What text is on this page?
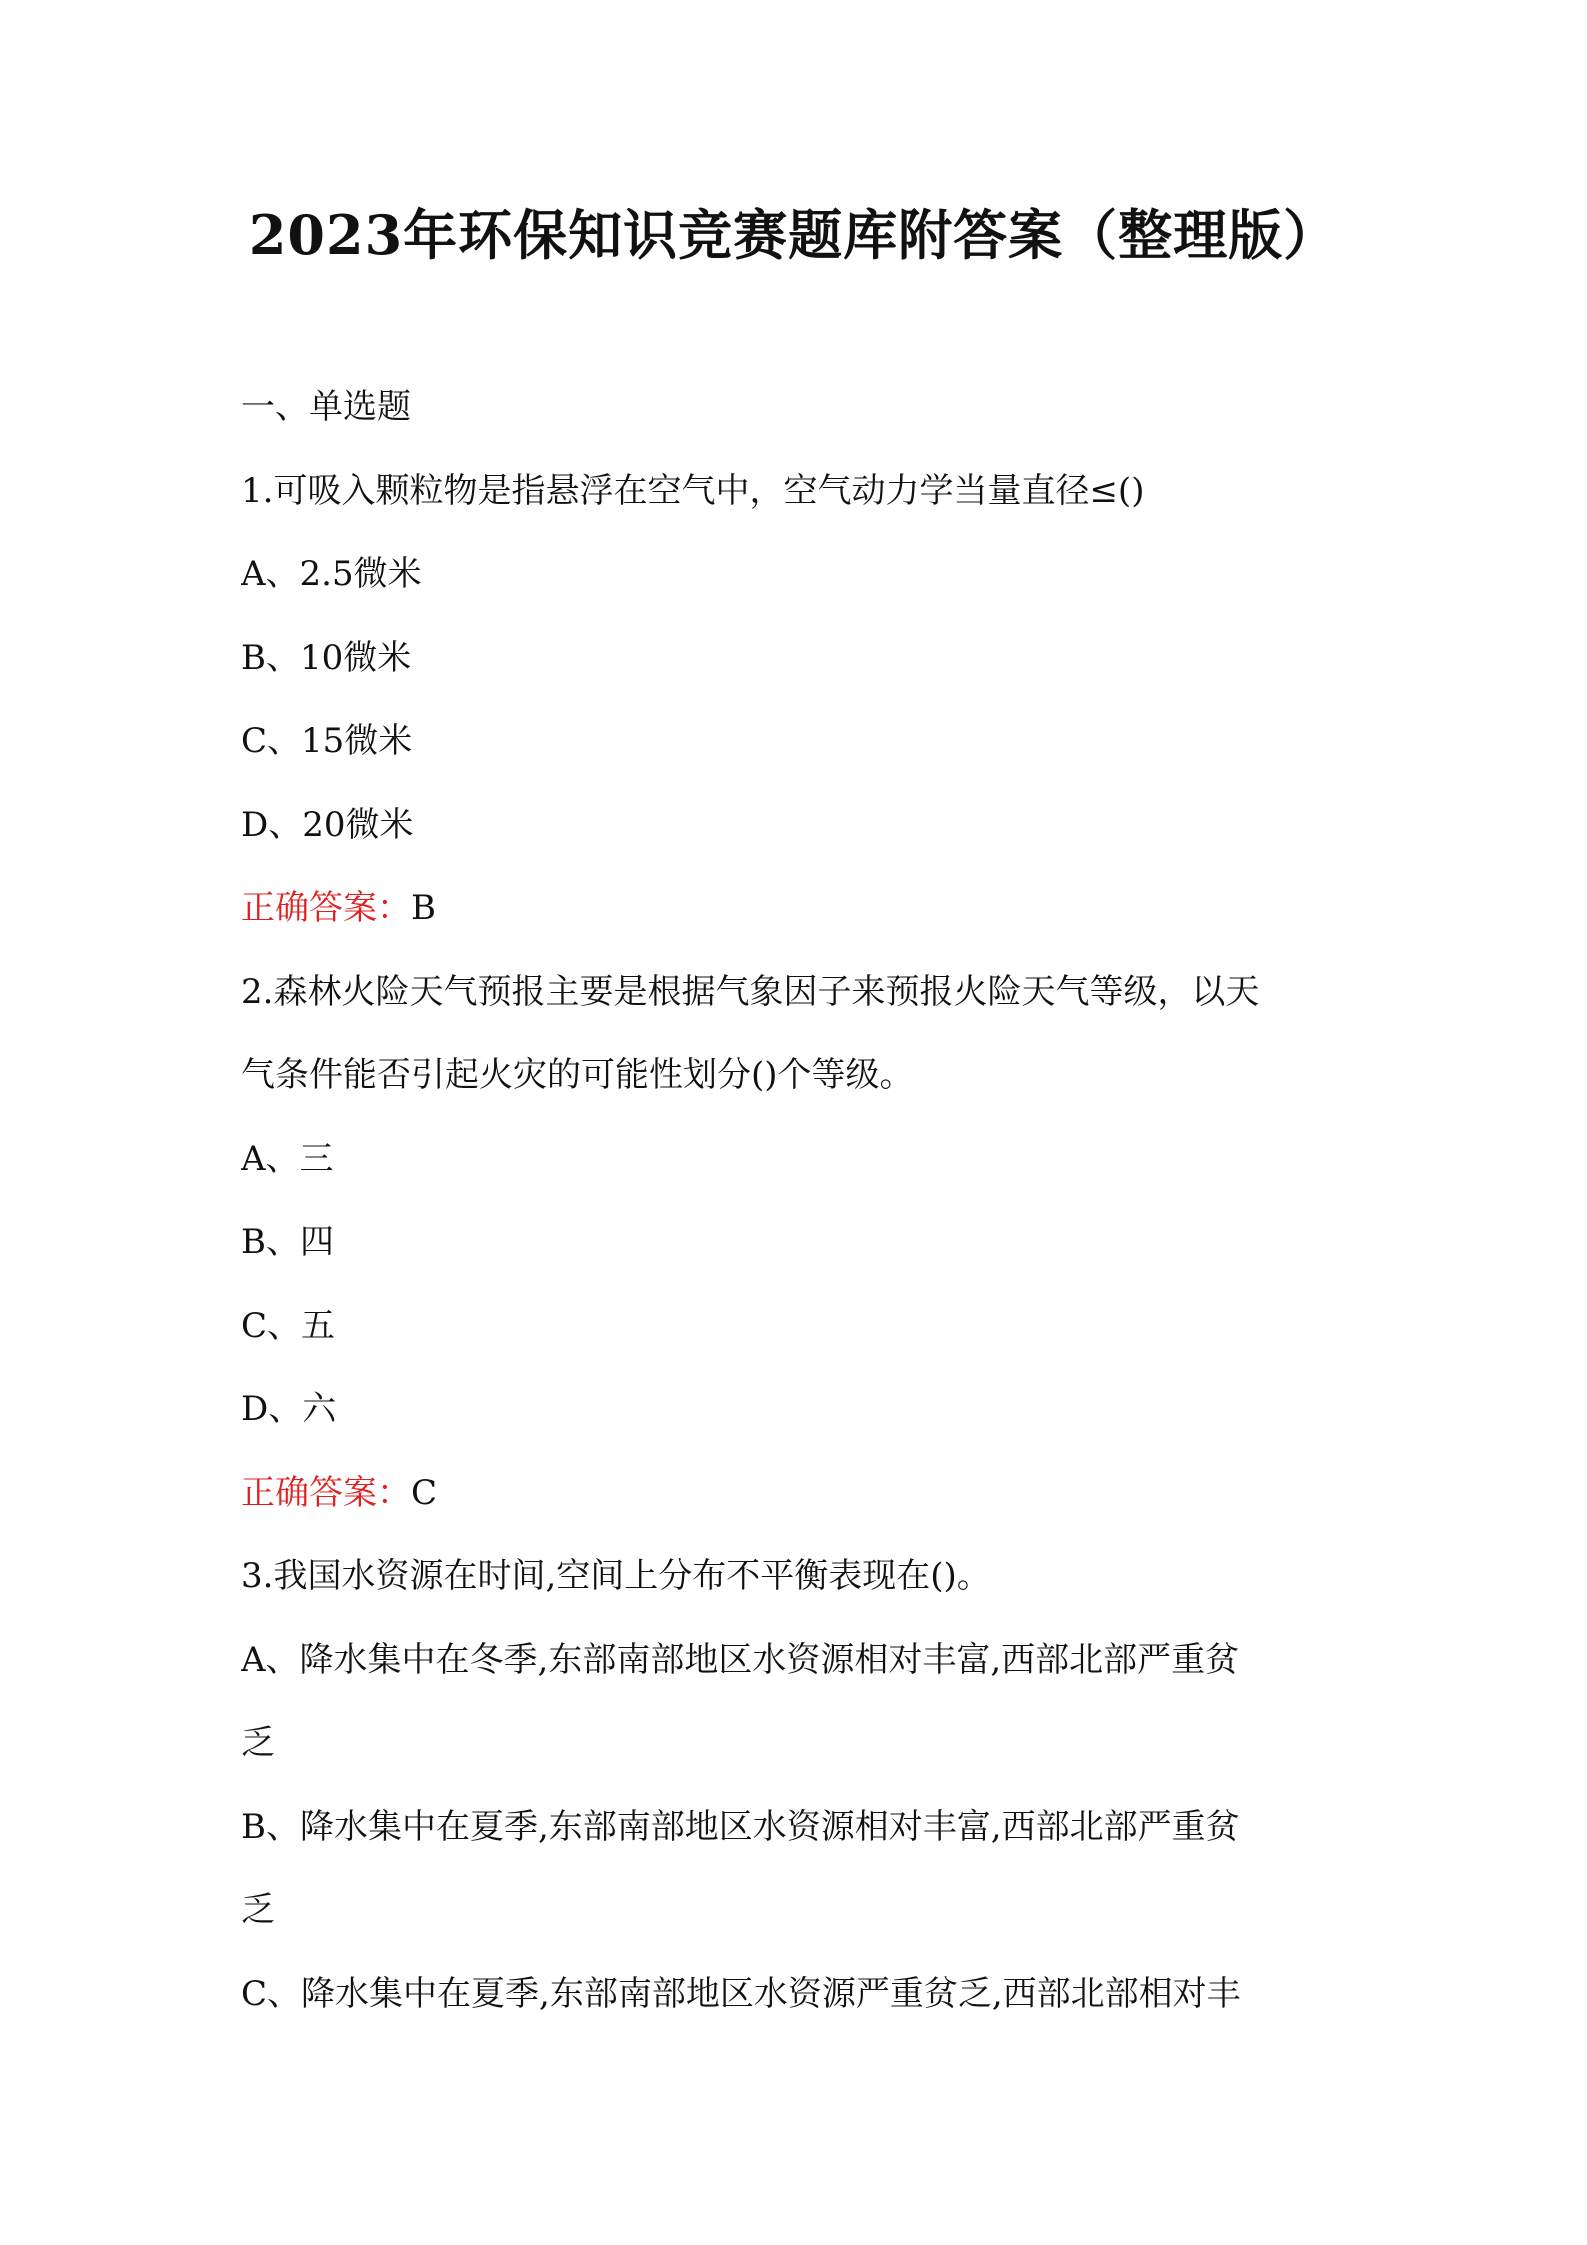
2023年环保知识竞赛题库附答案（整理版）
一、单选题
1.可吸入颗粒物是指悬浮在空气中，空气动力学当量直径≤()
A、2.5微米
B、10微米
C、15微米
D、20微米
正确答案：B
2.森林火险天气预报主要是根据气象因子来预报火险天气等级，以天
气条件能否引起火灾的可能性划分()个等级。
A、三
B、四
C、五
D、六
正确答案：C
3.我国水资源在时间,空间上分布不平衡表现在()。
A、降水集中在冬季,东部南部地区水资源相对丰富,西部北部严重贫
乏
B、降水集中在夏季,东部南部地区水资源相对丰富,西部北部严重贫
乏
C、降水集中在夏季,东部南部地区水资源严重贫乏,西部北部相对丰
